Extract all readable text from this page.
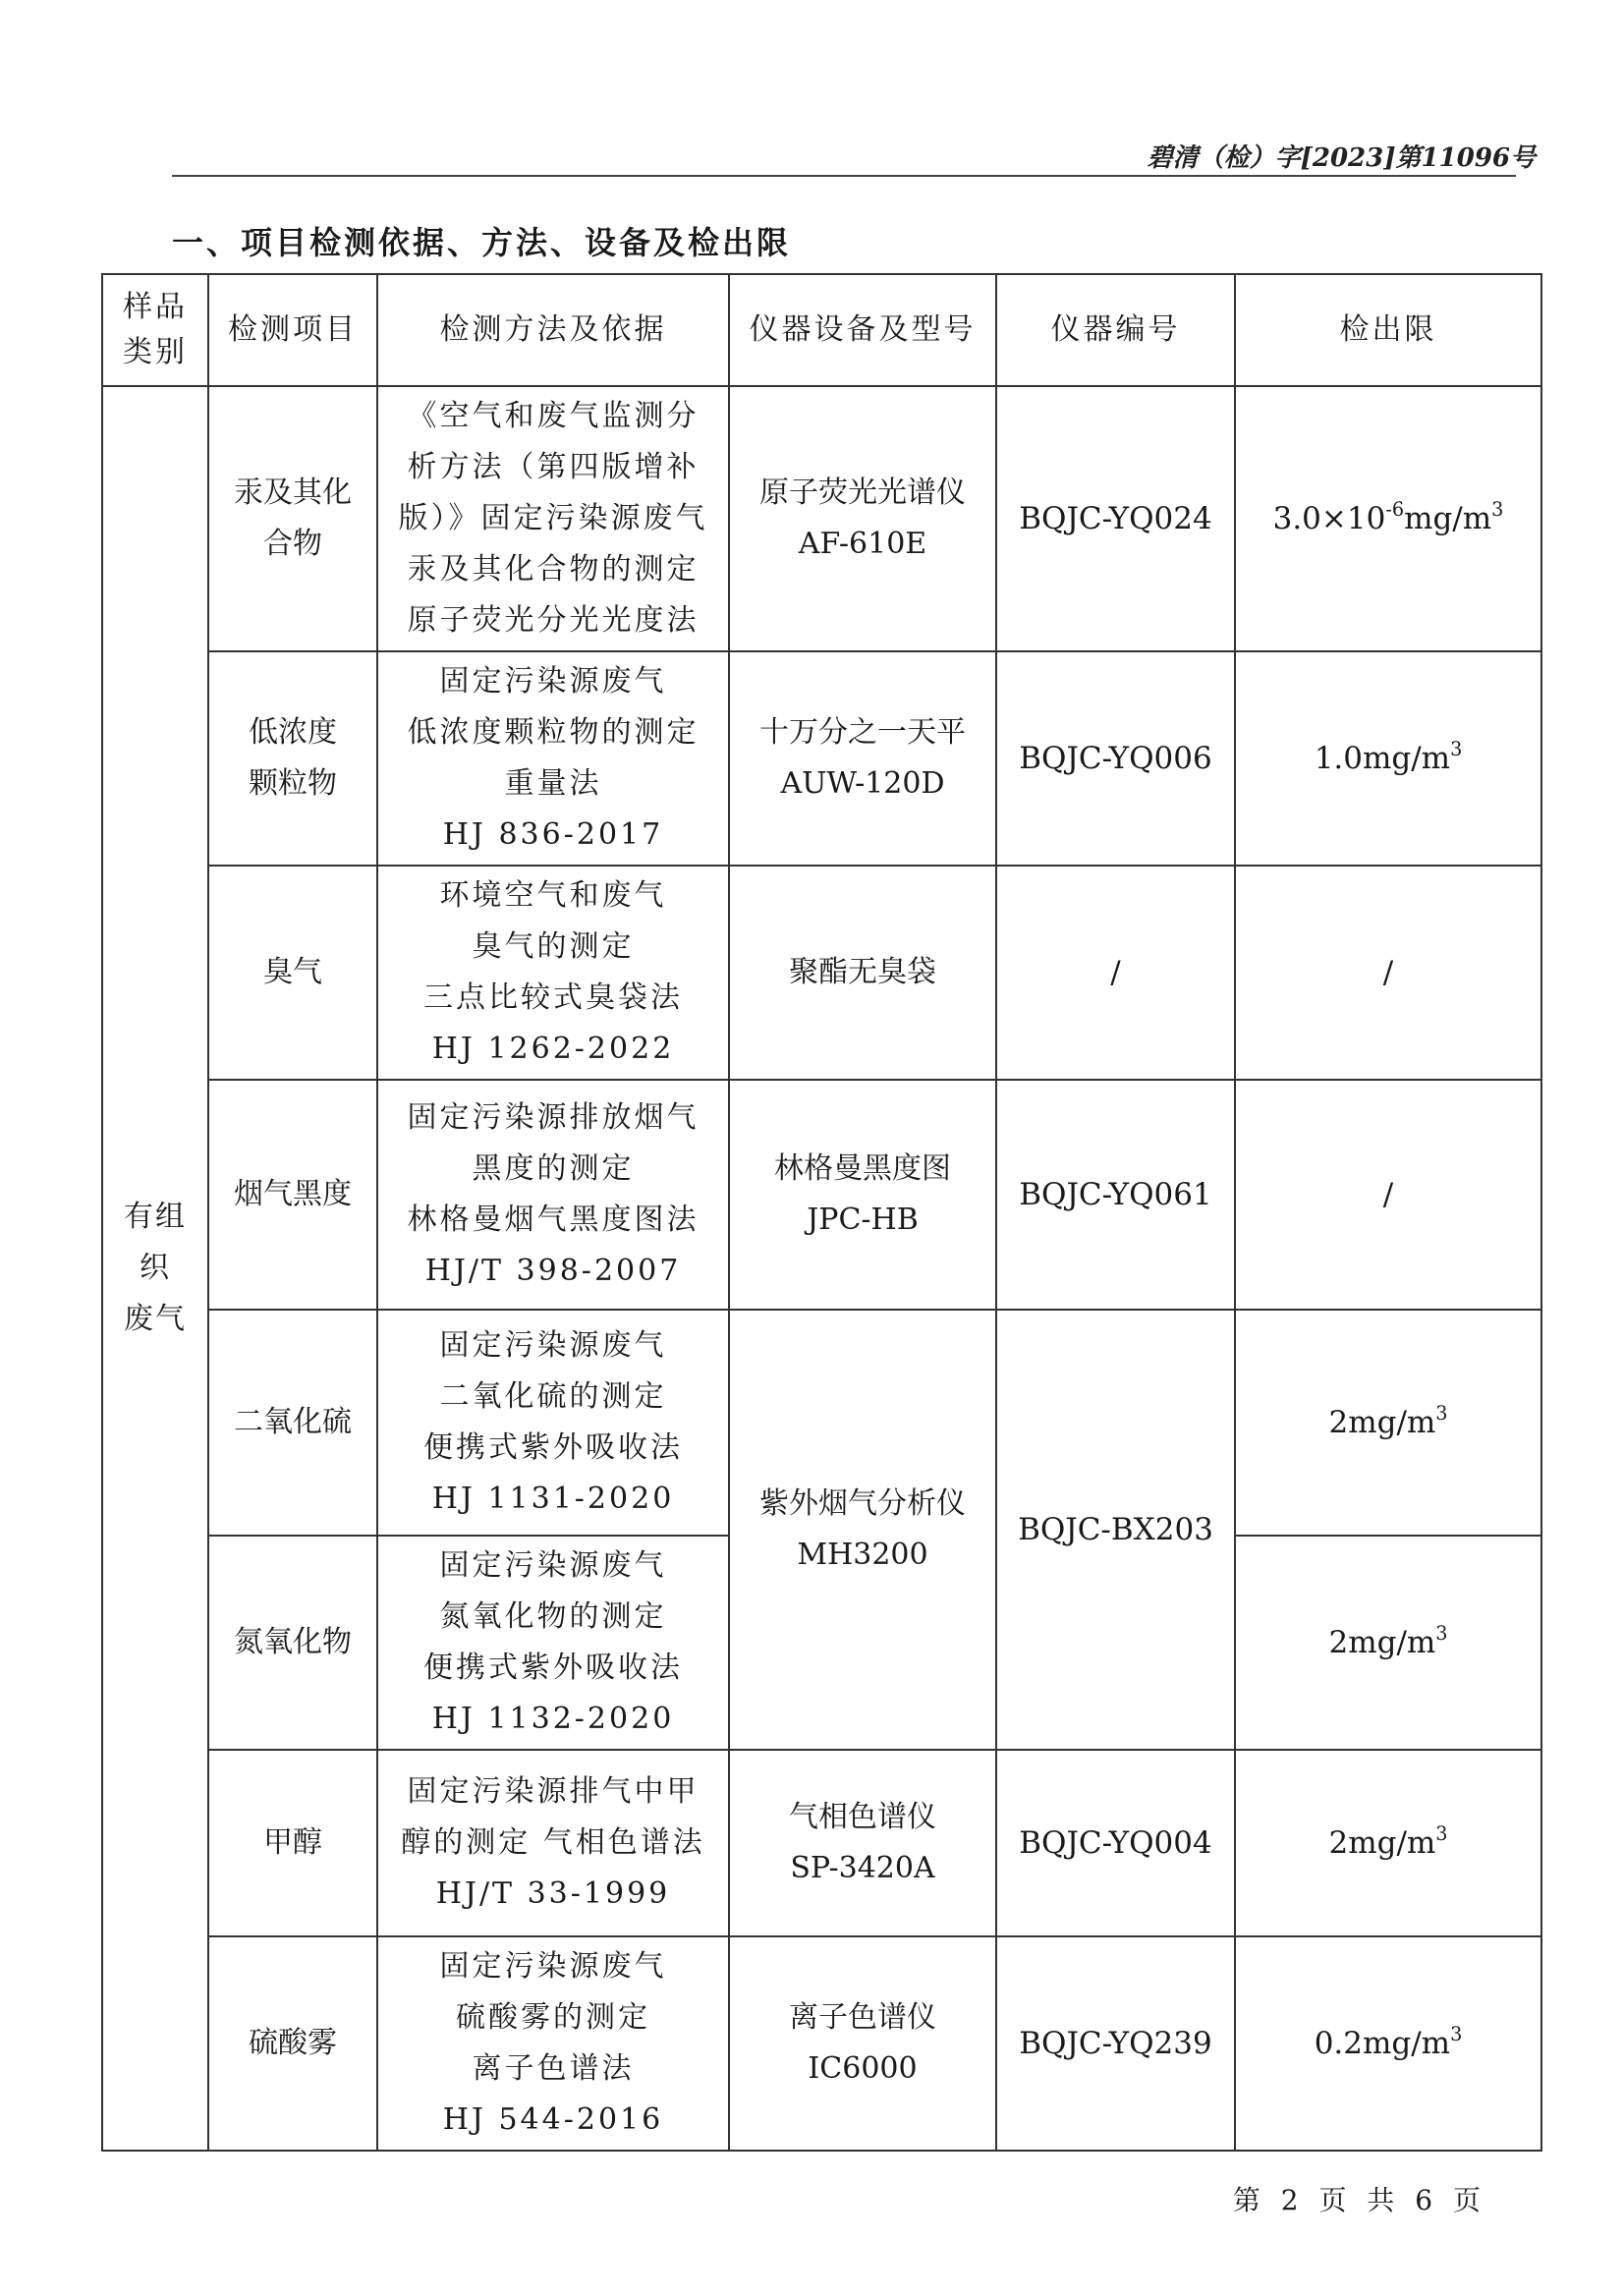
碧清（检）字[2023]第11096号
一、项目检测依据、方法、设备及检出限
样品
类别	检测项目	检测方法及依据	仪器设备及型号	仪器编号	检出限

有组
织
废气	汞及其化
合物	《空气和废气监测分
析方法（第四版增补
版）》固定污染源废气
汞及其化合物的测定
原子荧光分光光度法	原子荧光光谱仪
AF-610E	BQJC-YQ024	$3.0\times 10^{-6}mg/m^3$

	低浓度
颗粒物	固定污染源废气
低浓度颗粒物的测定
重量法
HJ 836-2017	十万分之一天平
AUW-120D	BQJC-YQ006	$1.0mg/m^3$

	臭气	环境空气和废气
臭气的测定
三点比较式臭袋法
HJ 1262-2022	聚酯无臭袋	/	/

	烟气黑度	固定污染源排放烟气
黑度的测定
林格曼烟气黑度图法
HJ/T 398-2007	林格曼黑度图
JPC-HB	BQJC-YQ061	/

	二氧化硫	固定污染源废气
二氧化硫的测定
便携式紫外吸收法
HJ 1131-2020	紫外烟气分析仪
MH3200	BQJC-BX203	$2mg/m^3$

	氮氧化物	固定污染源废气
氮氧化物的测定
便携式紫外吸收法
HJ 1132-2020			$2mg/m^3$

	甲醇	固定污染源排气中甲
醇的测定 气相色谱法
HJ/T 33-1999	气相色谱仪
SP-3420A	BQJC-YQ004	$2mg/m^3$

	硫酸雾	固定污染源废气
硫酸雾的测定
离子色谱法
HJ 544-2016	离子色谱仪
IC6000	BQJC-YQ239	$0.2mg/m^3$
第 2 页 共 6 页
